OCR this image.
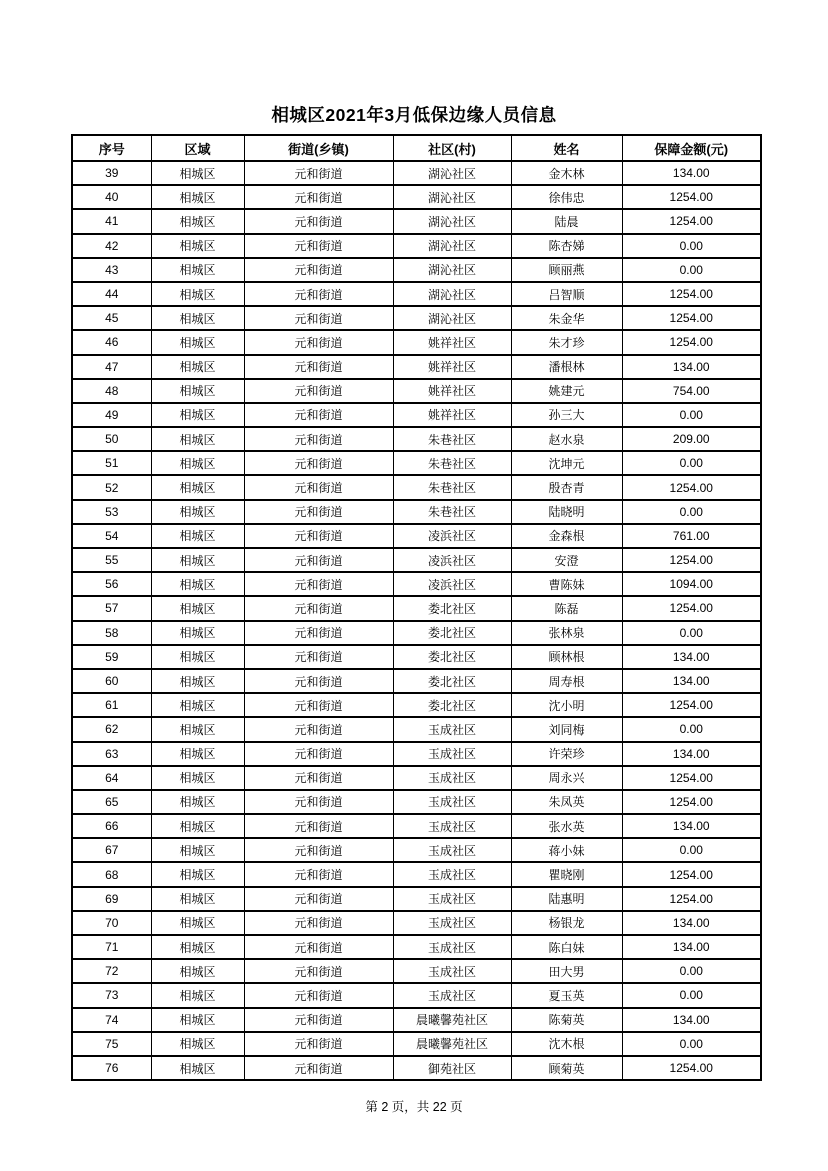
相城区2021年3月低保边缘人员信息
序号	区域	街道(乡镇)	社区(村)	姓名	保障金额(元)
39	相城区	元和街道	湖沁社区	金木林	134.00
40	相城区	元和街道	湖沁社区	徐伟忠	1254.00
41	相城区	元和街道	湖沁社区	陆晨	1254.00
42	相城区	元和街道	湖沁社区	陈杏娣	0.00
43	相城区	元和街道	湖沁社区	顾丽燕	0.00
44	相城区	元和街道	湖沁社区	吕智顺	1254.00
45	相城区	元和街道	湖沁社区	朱金华	1254.00
46	相城区	元和街道	姚祥社区	朱才珍	1254.00
47	相城区	元和街道	姚祥社区	潘根林	134.00
48	相城区	元和街道	姚祥社区	姚建元	754.00
49	相城区	元和街道	姚祥社区	孙三大	0.00
50	相城区	元和街道	朱巷社区	赵水泉	209.00
51	相城区	元和街道	朱巷社区	沈坤元	0.00
52	相城区	元和街道	朱巷社区	殷杏青	1254.00
53	相城区	元和街道	朱巷社区	陆晓明	0.00
54	相城区	元和街道	凌浜社区	金森根	761.00
55	相城区	元和街道	凌浜社区	安澄	1254.00
56	相城区	元和街道	凌浜社区	曹陈妹	1094.00
57	相城区	元和街道	娄北社区	陈磊	1254.00
58	相城区	元和街道	娄北社区	张林泉	0.00
59	相城区	元和街道	娄北社区	顾林根	134.00
60	相城区	元和街道	娄北社区	周寿根	134.00
61	相城区	元和街道	娄北社区	沈小明	1254.00
62	相城区	元和街道	玉成社区	刘同梅	0.00
63	相城区	元和街道	玉成社区	许荣珍	134.00
64	相城区	元和街道	玉成社区	周永兴	1254.00
65	相城区	元和街道	玉成社区	朱凤英	1254.00
66	相城区	元和街道	玉成社区	张水英	134.00
67	相城区	元和街道	玉成社区	蒋小妹	0.00
68	相城区	元和街道	玉成社区	瞿晓刚	1254.00
69	相城区	元和街道	玉成社区	陆惠明	1254.00
70	相城区	元和街道	玉成社区	杨银龙	134.00
71	相城区	元和街道	玉成社区	陈白妹	134.00
72	相城区	元和街道	玉成社区	田大男	0.00
73	相城区	元和街道	玉成社区	夏玉英	0.00
74	相城区	元和街道	晨曦馨苑社区	陈菊英	134.00
75	相城区	元和街道	晨曦馨苑社区	沈木根	0.00
76	相城区	元和街道	御苑社区	顾菊英	1254.00
第 2 页，共 22 页
